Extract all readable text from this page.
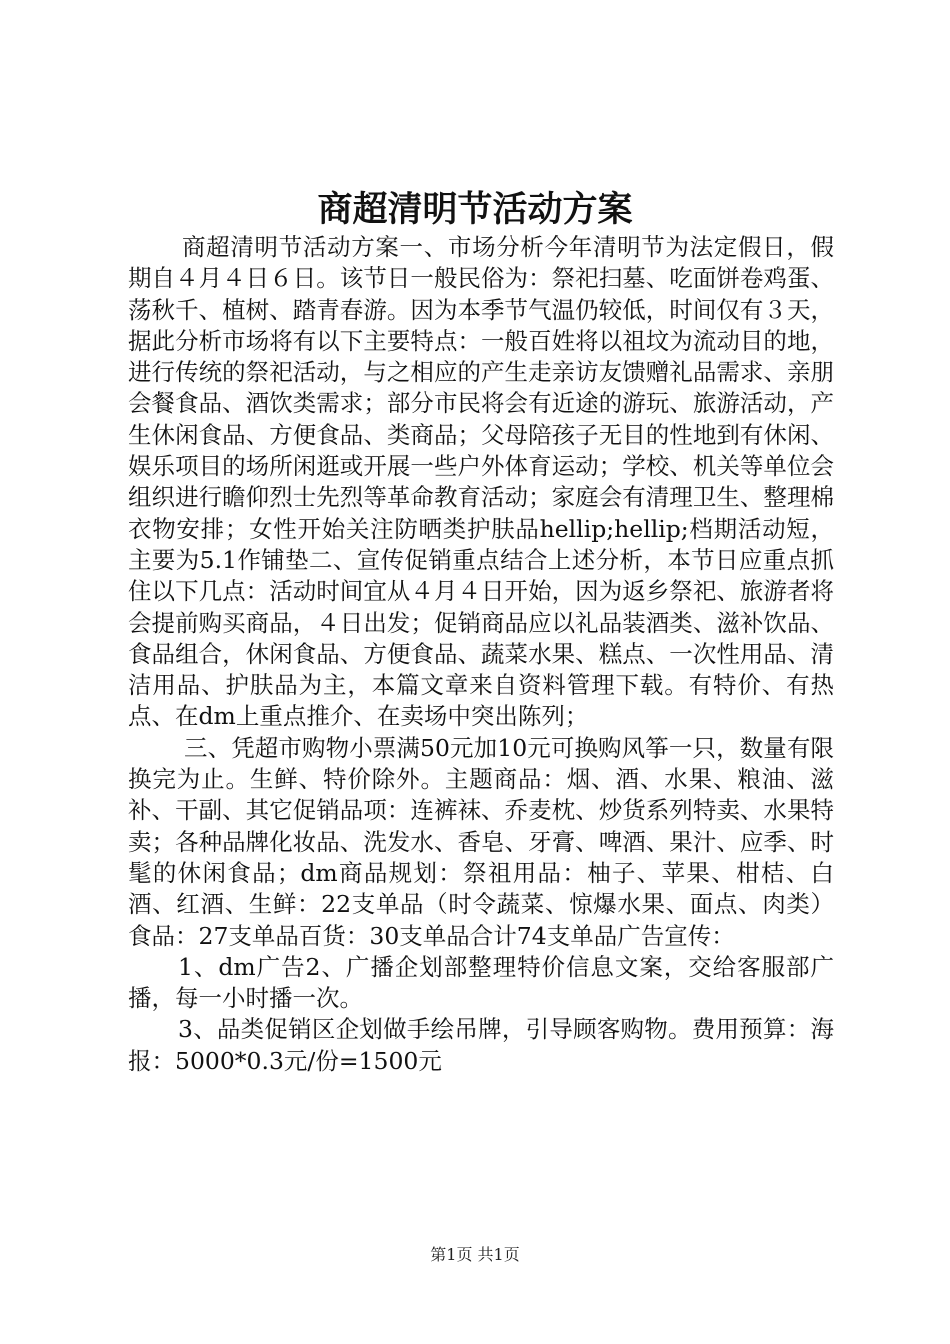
商超清明节活动方案

商超清明节活动方案一、市场分析今年清明节为法定假日，假期自４月４日６日。该节日一般民俗为：祭祀扫墓、吃面饼卷鸡蛋、荡秋千、植树、踏青春游。因为本季节气温仍较低，时间仅有３天，据此分析市场将有以下主要特点：一般百姓将以祖坟为流动目的地，进行传统的祭祀活动，与之相应的产生走亲访友馈赠礼品需求、亲朋会餐食品、酒饮类需求；部分市民将会有近途的游玩、旅游活动，产生休闲食品、方便食品、类商品；父母陪孩子无目的性地到有休闲、娱乐项目的场所闲逛或开展一些户外体育运动；学校、机关等单位会组织进行瞻仰烈士先烈等革命教育活动；家庭会有清理卫生、整理棉衣物安排；女性开始关注防晒类护肤品hellip;hellip;档期活动短，主要为5.1作铺垫二、宣传促销重点结合上述分析，本节日应重点抓住以下几点：活动时间宜从４月４日开始，因为返乡祭祀、旅游者将会提前购买商品，４日出发；促销商品应以礼品装酒类、滋补饮品、食品组合，休闲食品、方便食品、蔬菜水果、糕点、一次性用品、清洁用品、护肤品为主，本篇文章来自资料管理下载。有特价、有热点、在dm上重点推介、在卖场中突出陈列；

三、凭超市购物小票满50元加10元可换购风筝一只，数量有限换完为止。生鲜、特价除外。主题商品：烟、酒、水果、粮油、滋补、干副、其它促销品项：连裤袜、乔麦枕、炒货系列特卖、水果特卖；各种品牌化妆品、洗发水、香皂、牙膏、啤酒、果汁、应季、时髦的休闲食品；dm商品规划：祭祖用品：柚子、苹果、柑桔、白酒、红酒、生鲜：22支单品（时令蔬菜、惊爆水果、面点、肉类）食品：27支单品百货：30支单品合计74支单品广告宣传：

1、dm广告2、广播企划部整理特价信息文案，交给客服部广播，每一小时播一次。

3、品类促销区企划做手绘吊牌，引导顾客购物。费用预算：海报：5000*0.3元/份=1500元

第1页 共1页
